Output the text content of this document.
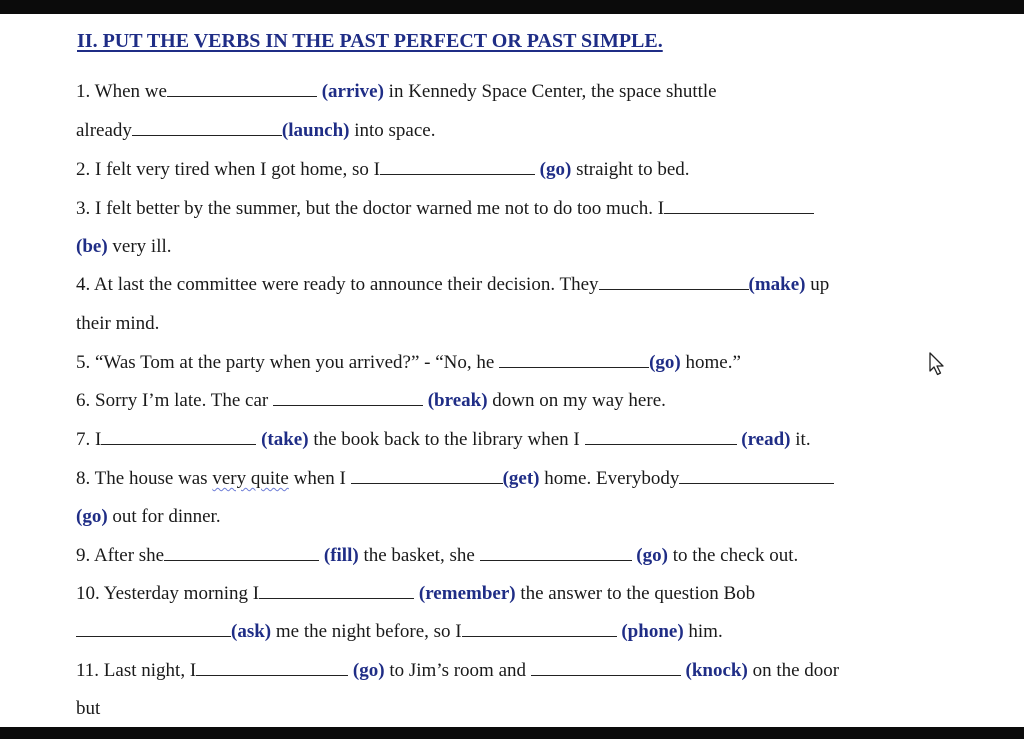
II. PUT THE VERBS IN THE PAST PERFECT OR PAST SIMPLE.
1. When we	(arrive) in Kennedy Space Center, the space shuttle
already	(launch) into space.
2. I felt very tired when I got home, so I	(go) straight to bed.
3. I felt better by the summer, but the doctor warned me not to do too much. I
(be) very ill.
4. At last the committee were ready to announce their decision. They	(make) up
their mind.
5. “Was Tom at the party when you arrived?” - “No, he	(go) home.”
6. Sorry I’m late. The car	(break) down on my way here.
7. I	(take) the book back to the library when I	(read) it.
8. The house was very quite when I	(get) home. Everybody
(go) out for dinner.
9. After she	(fill) the basket, she	(go) to the check out.
10. Yesterday morning I	(remember) the answer to the question Bob
(ask) me the night before, so I	(phone) him.
11. Last night, I	(go) to Jim’s room and	(knock) on the door
but
